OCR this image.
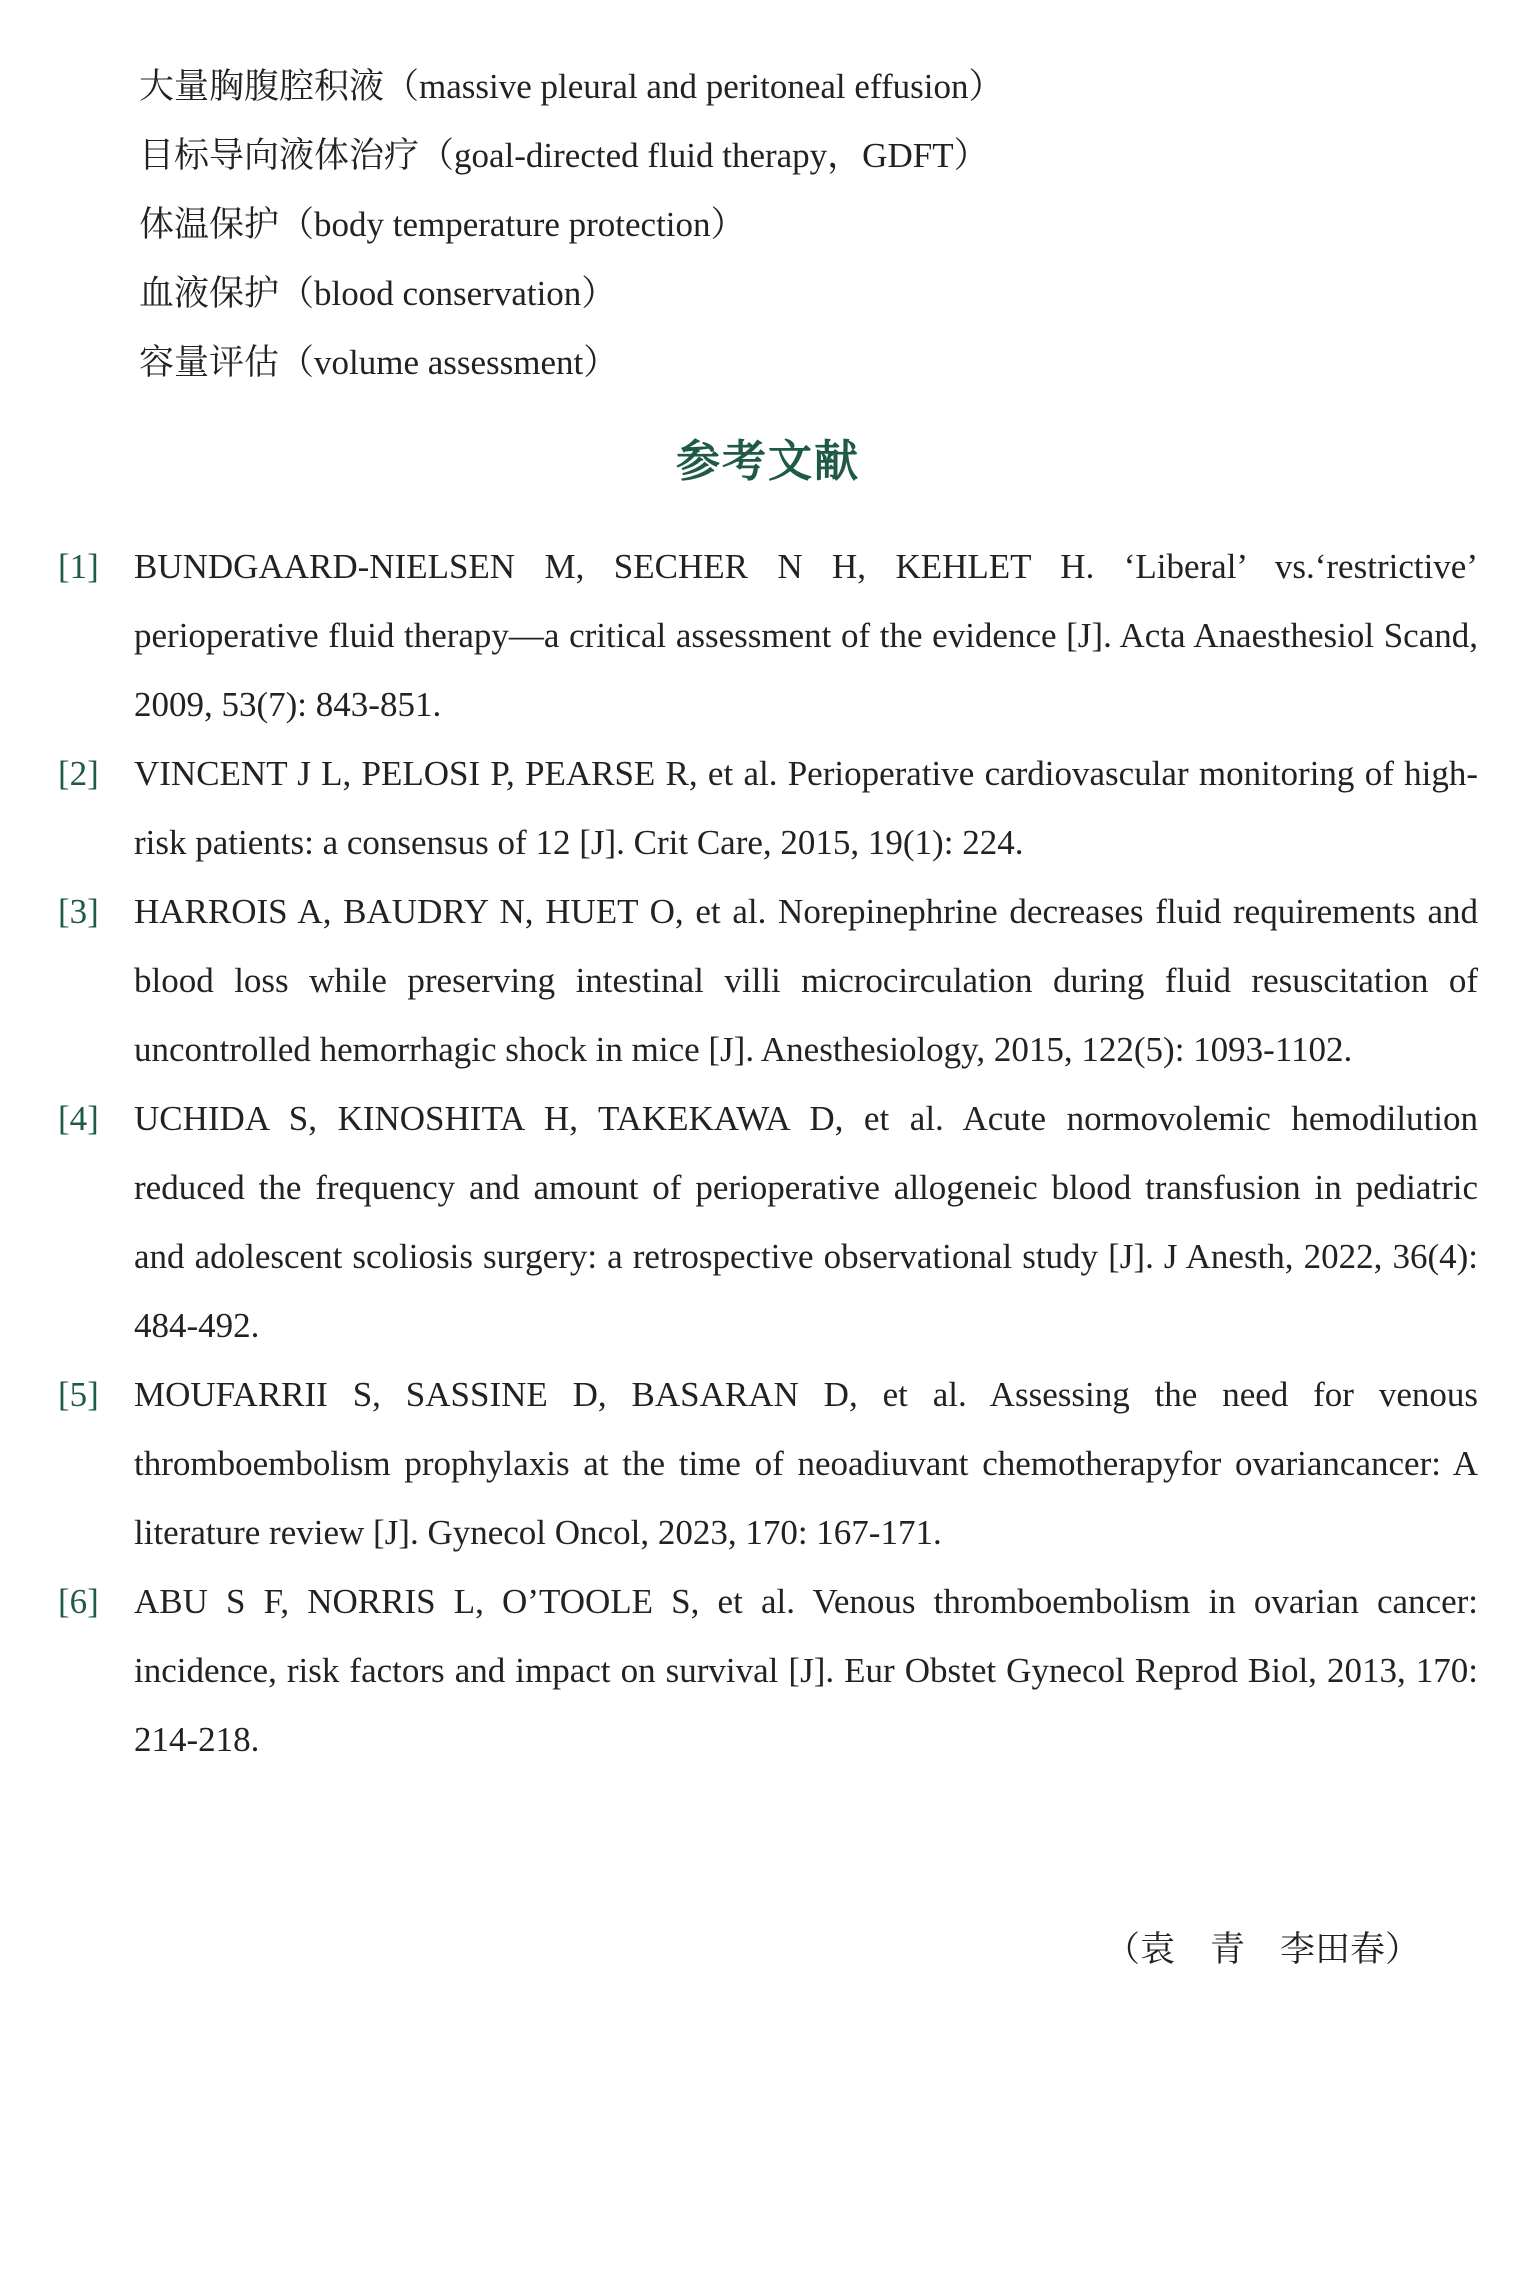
大量胸腹腔积液（massive pleural and peritoneal effusion）
目标导向液体治疗（goal-directed fluid therapy，GDFT）
体温保护（body temperature protection）
血液保护（blood conservation）
容量评估（volume assessment）
参考文献
[1] BUNDGAARD-NIELSEN M, SECHER N H, KEHLET H. ‘Liberal’ vs.‘restrictive’ perioperative fluid therapy—a critical assessment of the evidence [J]. Acta Anaesthesiol Scand, 2009, 53(7): 843-851.
[2] VINCENT J L, PELOSI P, PEARSE R, et al. Perioperative cardiovascular monitoring of high-risk patients: a consensus of 12 [J]. Crit Care, 2015, 19(1): 224.
[3] HARROIS A, BAUDRY N, HUET O, et al. Norepinephrine decreases fluid requirements and blood loss while preserving intestinal villi microcirculation during fluid resuscitation of uncontrolled hemorrhagic shock in mice [J]. Anesthesiology, 2015, 122(5): 1093-1102.
[4] UCHIDA S, KINOSHITA H, TAKEKAWA D, et al. Acute normovolemic hemodilution reduced the frequency and amount of perioperative allogeneic blood transfusion in pediatric and adolescent scoliosis surgery: a retrospective observational study [J]. J Anesth, 2022, 36(4): 484-492.
[5] MOUFARRII S, SASSINE D, BASARAN D, et al. Assessing the need for venous thromboembolism prophylaxis at the time of neoadiuvant chemotherapyfor ovariancancer: A literature review [J]. Gynecol Oncol, 2023, 170: 167-171.
[6] ABU S F, NORRIS L, O’TOOLE S, et al. Venous thromboembolism in ovarian cancer: incidence, risk factors and impact on survival [J]. Eur Obstet Gynecol Reprod Biol, 2013, 170: 214-218.
（袁　青　李田春）
